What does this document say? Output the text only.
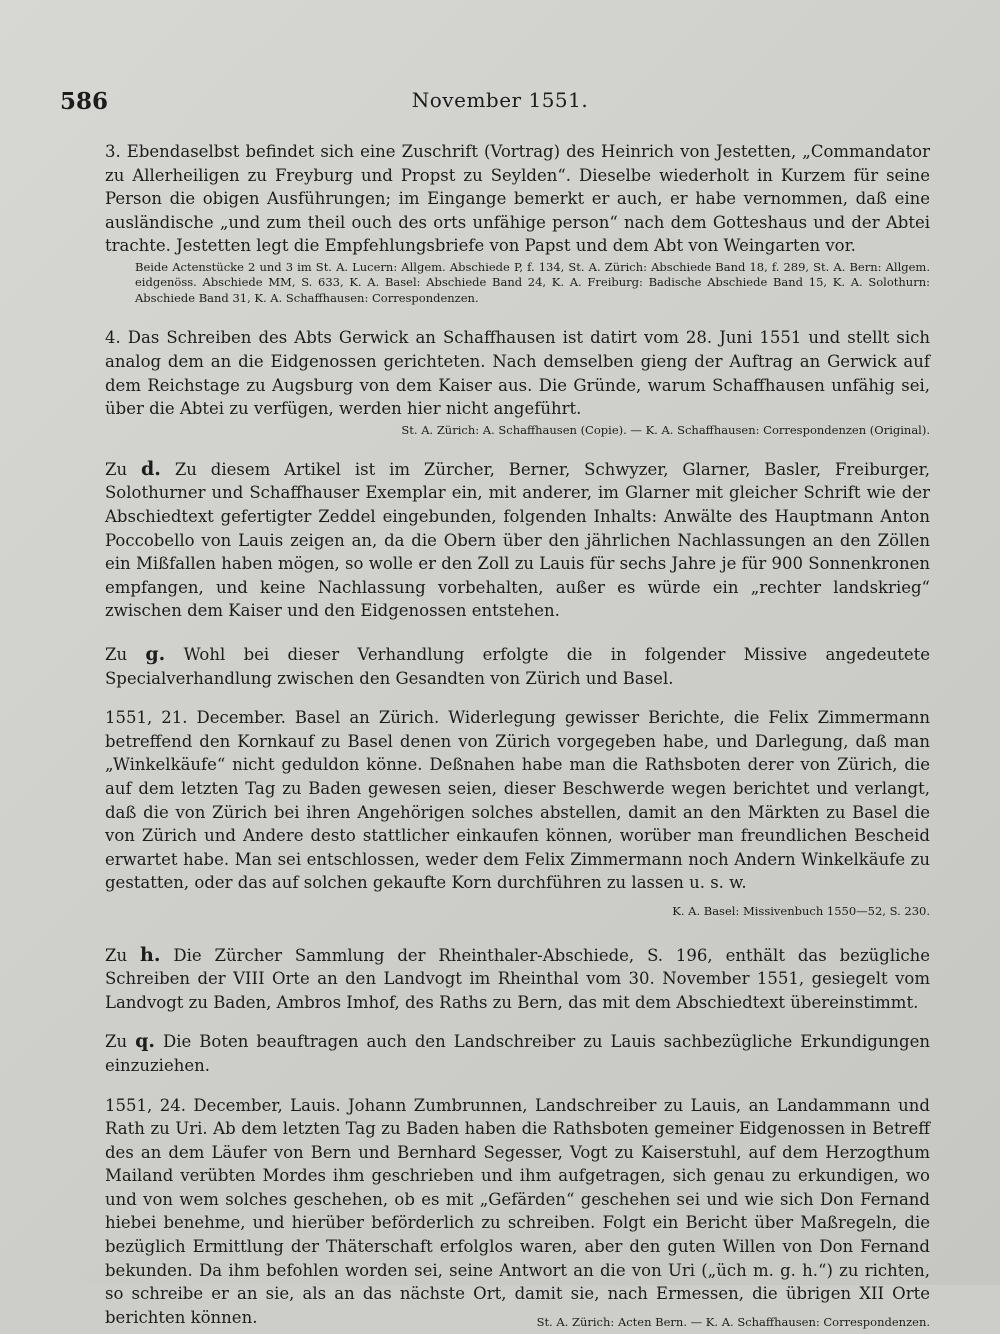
586	November 1551.

3. Ebendaselbst befindet sich eine Zuschrift (Vortrag) des Heinrich von Jestetten, „Commandator zu Allerheiligen zu Freyburg und Propst zu Seylden“. Dieselbe wiederholt in Kurzem für seine Person die obigen Ausführungen; im Eingange bemerkt er auch, er habe vernommen, daß eine ausländische „und zum theil ouch des orts unfähige person“ nach dem Gotteshaus und der Abtei trachte. Jestetten legt die Empfehlungsbriefe von Papst und dem Abt von Weingarten vor.

Beide Actenstücke 2 und 3 im St. A. Lucern: Allgem. Abschiede P, f. 134, St. A. Zürich: Abschiede Band 18, f. 289, St. A. Bern: Allgem. eidgenöss. Abschiede MM, S. 633, K. A. Basel: Abschiede Band 24, K. A. Freiburg: Badische Abschiede Band 15, K. A. Solothurn: Abschiede Band 31, K. A. Schaffhausen: Correspondenzen.

4. Das Schreiben des Abts Gerwick an Schaffhausen ist datirt vom 28. Juni 1551 und stellt sich analog dem an die Eidgenossen gerichteten. Nach demselben gieng der Auftrag an Gerwick auf dem Reichstage zu Augsburg von dem Kaiser aus. Die Gründe, warum Schaffhausen unfähig sei, über die Abtei zu verfügen, werden hier nicht angeführt.

St. A. Zürich: A. Schaffhausen (Copie). — K. A. Schaffhausen: Correspondenzen (Original).

Zu d. Zu diesem Artikel ist im Zürcher, Berner, Schwyzer, Glarner, Basler, Freiburger, Solothurner und Schaffhauser Exemplar ein, mit anderer, im Glarner mit gleicher Schrift wie der Abschiedtext gefertigter Zeddel eingebunden, folgenden Inhalts: Anwälte des Hauptmann Anton Poccobello von Lauis zeigen an, da die Obern über den jährlichen Nachlassungen an den Zöllen ein Mißfallen haben mögen, so wolle er den Zoll zu Lauis für sechs Jahre je für 900 Sonnenkronen empfangen, und keine Nachlassung vorbehalten, außer es würde ein „rechter landskrieg“ zwischen dem Kaiser und den Eidgenossen entstehen.

Zu g. Wohl bei dieser Verhandlung erfolgte die in folgender Missive angedeutete Specialverhandlung zwischen den Gesandten von Zürich und Basel.

1551, 21. December. Basel an Zürich. Widerlegung gewisser Berichte, die Felix Zimmermann betreffend den Kornkauf zu Basel denen von Zürich vorgegeben habe, und Darlegung, daß man „Winkelkäufe“ nicht geduldon könne. Deßnahen habe man die Rathsboten derer von Zürich, die auf dem letzten Tag zu Baden gewesen seien, dieser Beschwerde wegen berichtet und verlangt, daß die von Zürich bei ihren Angehörigen solches abstellen, damit an den Märkten zu Basel die von Zürich und Andere desto stattlicher einkaufen können, worüber man freundlichen Bescheid erwartet habe. Man sei entschlossen, weder dem Felix Zimmermann noch Andern Winkelkäufe zu gestatten, oder das auf solchen gekaufte Korn durchführen zu lassen u. s. w.
K. A. Basel: Missivenbuch 1550—52, S. 230.

Zu h. Die Zürcher Sammlung der Rheinthaler-Abschiede, S. 196, enthält das bezügliche Schreiben der VIII Orte an den Landvogt im Rheinthal vom 30. November 1551, gesiegelt vom Landvogt zu Baden, Ambros Imhof, des Raths zu Bern, das mit dem Abschiedtext übereinstimmt.

Zu q. Die Boten beauftragen auch den Landschreiber zu Lauis sachbezügliche Erkundigungen einzuziehen.

1551, 24. December, Lauis. Johann Zumbrunnen, Landschreiber zu Lauis, an Landammann und Rath zu Uri. Ab dem letzten Tag zu Baden haben die Rathsboten gemeiner Eidgenossen in Betreff des an dem Läufer von Bern und Bernhard Segesser, Vogt zu Kaiserstuhl, auf dem Herzogthum Mailand verübten Mordes ihm geschrieben und ihm aufgetragen, sich genau zu erkundigen, wo und von wem solches geschehen, ob es mit „Gefärden“ geschehen sei und wie sich Don Fernand hiebei benehme, und hierüber beförderlich zu schreiben. Folgt ein Bericht über Maßregeln, die bezüglich Ermittlung der Thäterschaft erfolglos waren, aber den guten Willen von Don Fernand bekunden. Da ihm befohlen worden sei, seine Antwort an die von Uri („üch m. g. h.“) zu richten, so schreibe er an sie, als an das nächste Ort, damit sie, nach Ermessen, die übrigen XII Orte berichten können.	St. A. Zürich: Acten Bern. — K. A. Schaffhausen: Correspondenzen.
